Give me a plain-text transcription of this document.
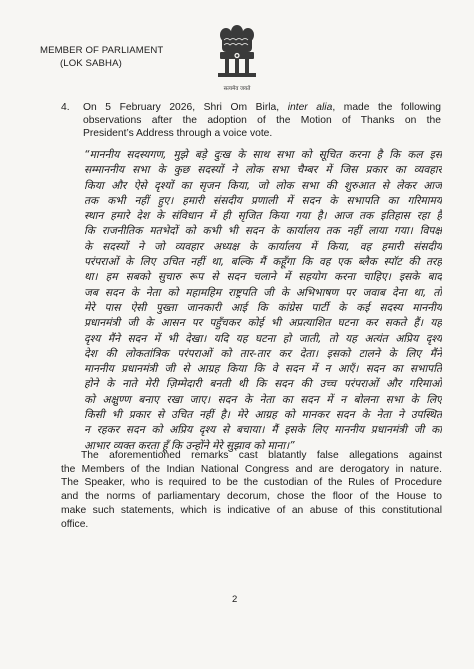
MEMBER OF PARLIAMENT
(LOK SABHA)
सत्यमेव जयते
4. On 5 February 2026, Shri Om Birla, inter alia, made the following
observations after the adoption of the Motion of Thanks on the
President’s Address through a voice vote.
“माननीय सदस्यगण, मुझे बड़े दुःख के साथ सभा को सूचित करना है कि कल इस
सम्माननीय सभा के कुछ सदस्यों ने लोक सभा चैम्बर में जिस प्रकार का व्यवहार
किया और ऐसे दृश्यों का सृजन किया, जो लोक सभा की शुरुआत से लेकर आज
तक कभी नहीं हुए। हमारी संसदीय प्रणाली में सदन के सभापति का गरिमामय
स्थान हमारे देश के संविधान में ही सृजित किया गया है। आज तक इतिहास रहा है
कि राजनीतिक मतभेदों को कभी भी सदन के कार्यालय तक नहीं लाया गया। विपक्ष
के सदस्यों ने जो व्यवहार अध्यक्ष के कार्यालय में किया, वह हमारी संसदीय
परंपराओं के लिए उचित नहीं था, बल्कि मैं कहूँगा कि वह एक ब्लैक स्पॉट की तरह
था। हम सबको सुचारु रूप से सदन चलाने में सहयोग करना चाहिए। इसके बाद
जब सदन के नेता को महामहिम राष्ट्रपति जी के अभिभाषण पर जवाब देना था, तो
मेरे पास ऐसी पुख्ता जानकारी आई कि कांग्रेस पार्टी के कई सदस्य माननीय
प्रधानमंत्री जी के आसन पर पहुँचकर कोई भी अप्रत्याशित घटना कर सकते हैं। यह
दृश्य मैंने सदन में भी देखा। यदि यह घटना हो जाती, तो यह अत्यंत अप्रिय दृश्य
देश की लोकतांत्रिक परंपराओं को तार-तार कर देता। इसको टालने के लिए मैंने
माननीय प्रधानमंत्री जी से आग्रह किया कि वे सदन में न आएँ। सदन का सभापति
होने के नाते मेरी ज़िम्मेदारी बनती थी कि सदन की उच्च परंपराओं और गरिमाओं
को अक्षुण्ण बनाए रखा जाए। सदन के नेता का सदन में न बोलना सभा के लिए
किसी भी प्रकार से उचित नहीं है। मेरे आग्रह को मानकर सदन के नेता ने उपस्थित
न रहकर सदन को अप्रिय दृश्य से बचाया। मैं इसके लिए माननीय प्रधानमंत्री जी का
आभार व्यक्त करता हूँ कि उन्होंने मेरे सुझाव को माना।”
The aforementioned remarks cast blatantly false allegations against
the Members of the Indian National Congress and are derogatory in nature.
The Speaker, who is required to be the custodian of the Rules of Procedure
and the norms of parliamentary decorum, chose the floor of the House to
make such statements, which is indicative of an abuse of this constitutional
office.
2
